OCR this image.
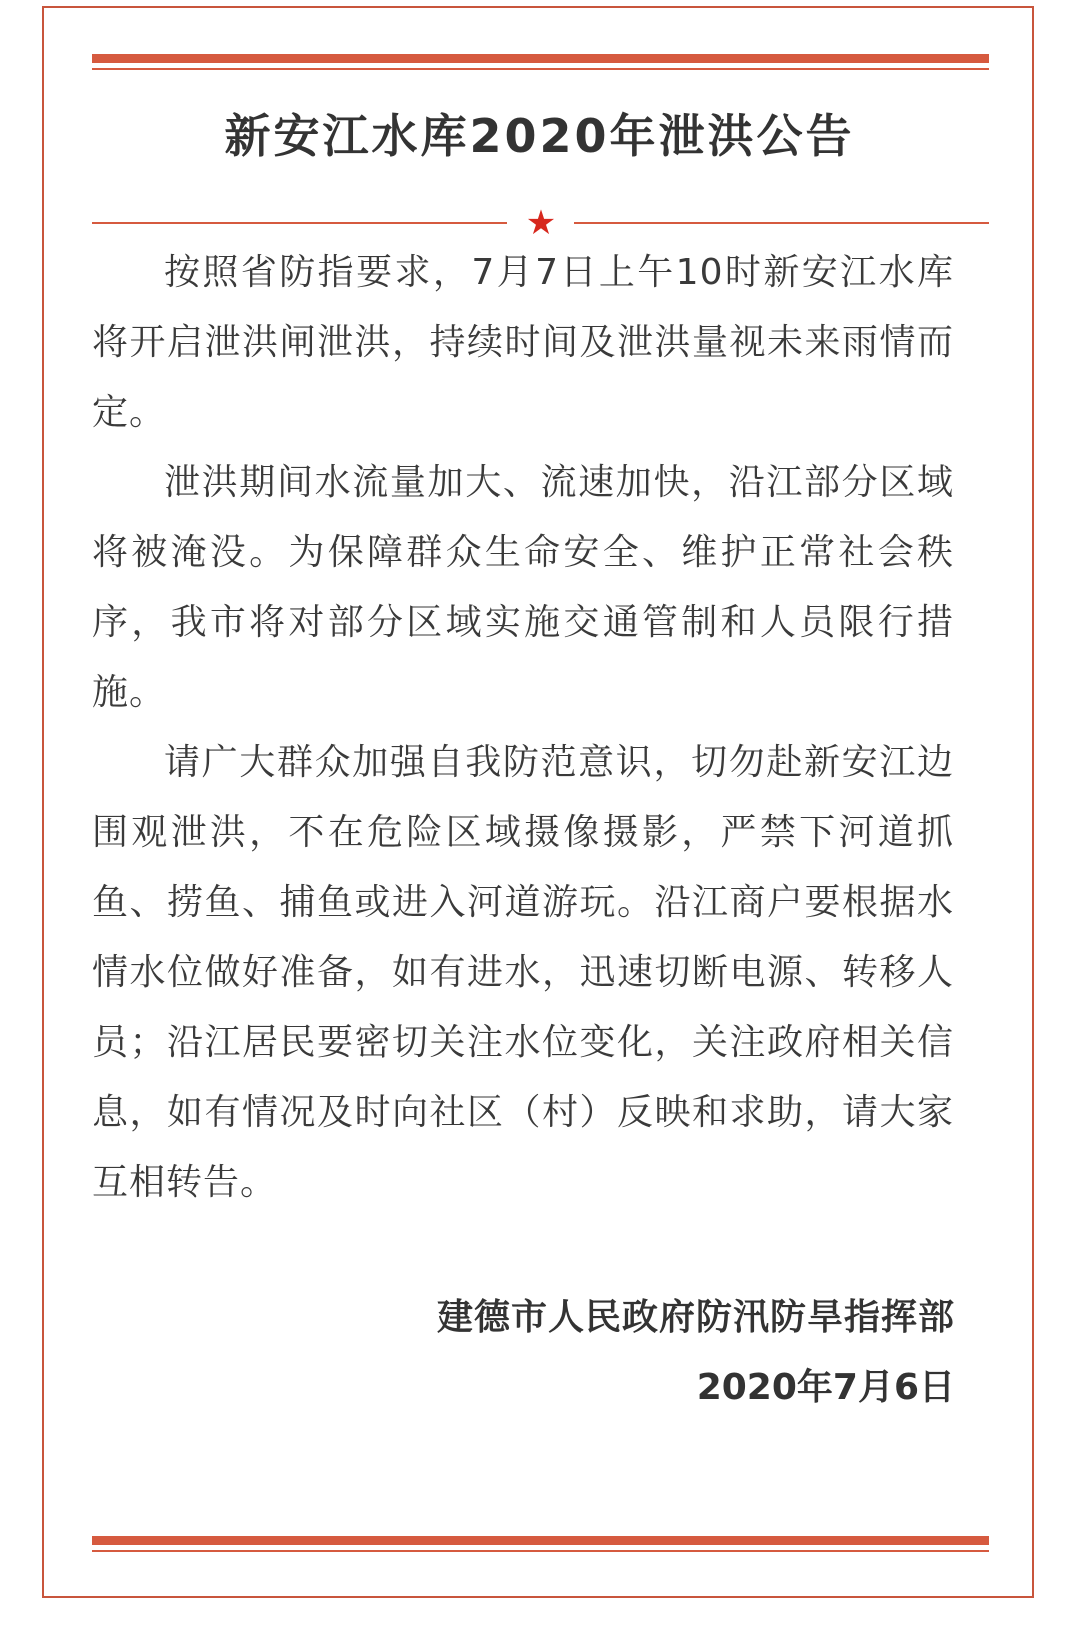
新安江水库2020年泄洪公告
★

按照省防指要求，7月7日上午10时新安江水库将开启泄洪闸泄洪，持续时间及泄洪量视未来雨情而定。

泄洪期间水流量加大、流速加快，沿江部分区域将被淹没。为保障群众生命安全、维护正常社会秩序，我市将对部分区域实施交通管制和人员限行措施。

请广大群众加强自我防范意识，切勿赴新安江边围观泄洪，不在危险区域摄像摄影，严禁下河道抓鱼、捞鱼、捕鱼或进入河道游玩。沿江商户要根据水情水位做好准备，如有进水，迅速切断电源、转移人员；沿江居民要密切关注水位变化，关注政府相关信息，如有情况及时向社区（村）反映和求助，请大家互相转告。

建德市人民政府防汛防旱指挥部

2020年7月6日
